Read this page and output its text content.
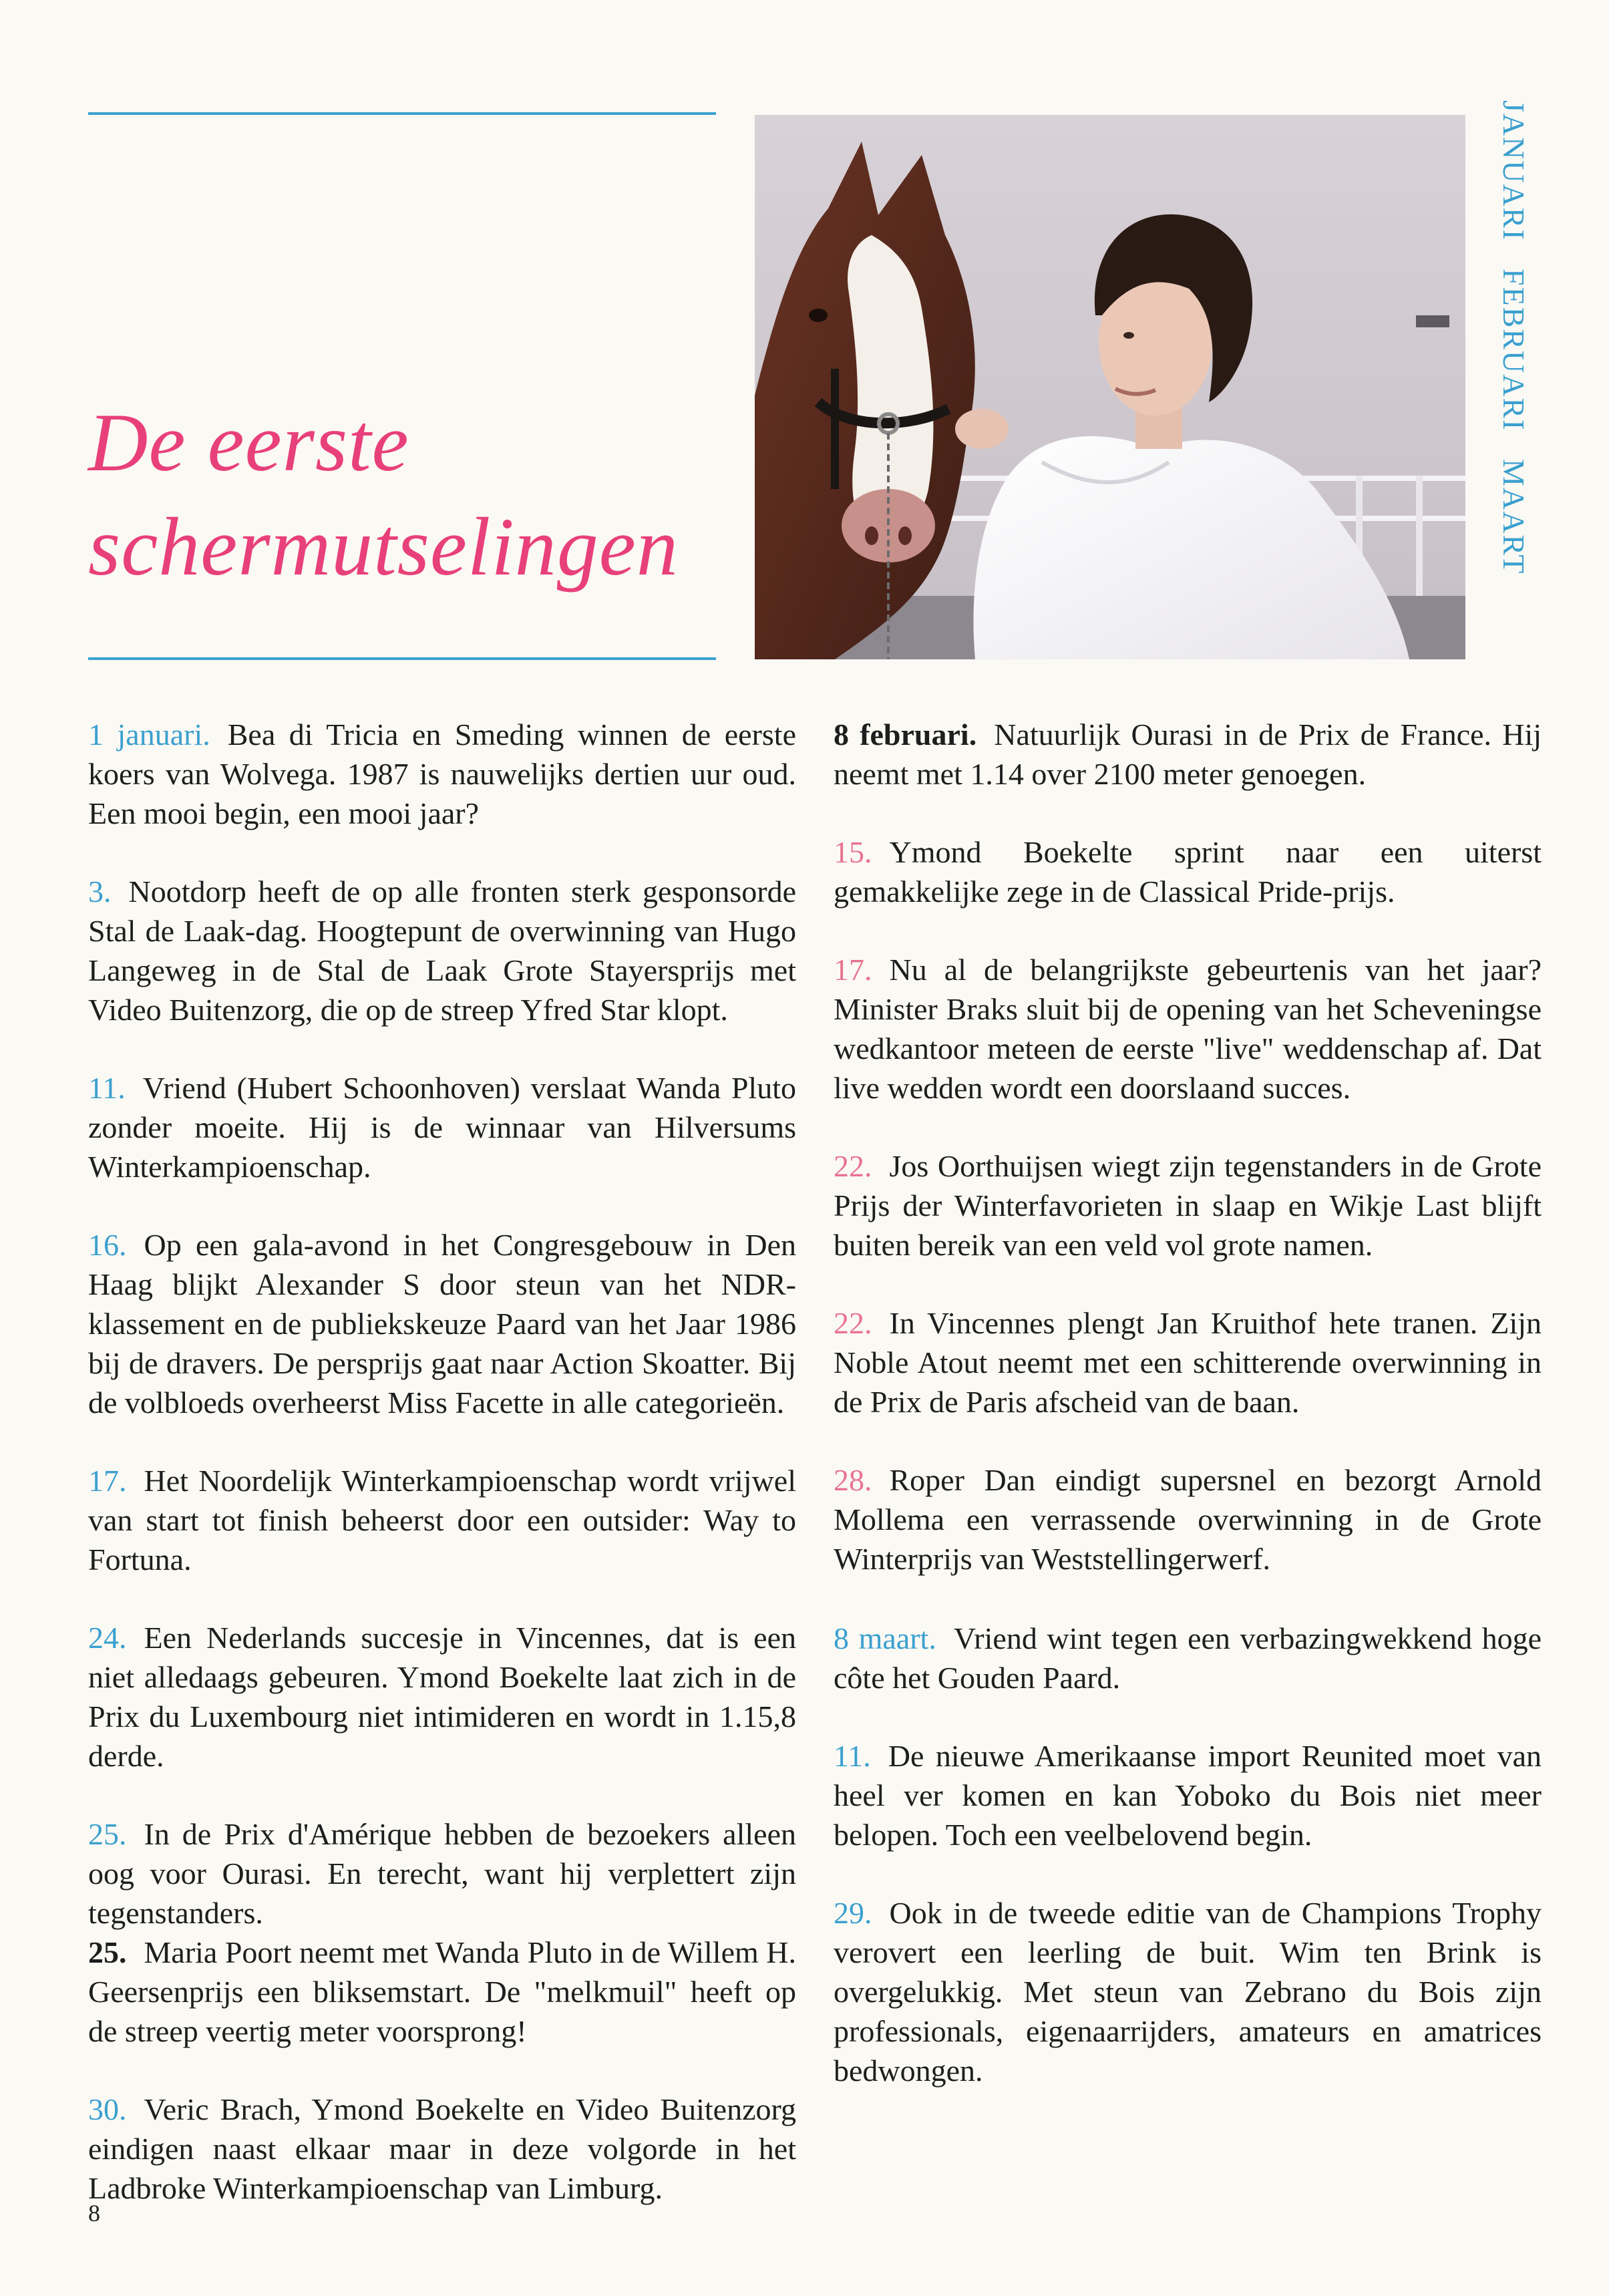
De eerste
schermutselingen
JANUARI FEBRUARI MAART

1 januari. Bea di Tricia en Smeding winnen de eerste koers van Wolvega. 1987 is nauwelijks dertien uur oud. Een mooi begin, een mooi jaar?

3. Nootdorp heeft de op alle fronten sterk gesponsorde Stal de Laak-dag. Hoogtepunt de overwinning van Hugo Langeweg in de Stal de Laak Grote Stayersprijs met Video Buitenzorg, die op de streep Yfred Star klopt.

11. Vriend (Hubert Schoonhoven) verslaat Wanda Pluto zonder moeite. Hij is de winnaar van Hilversums Winterkampioenschap.

16. Op een gala-avond in het Congresgebouw in Den Haag blijkt Alexander S door steun van het NDR-klassement en de publiekskeuze Paard van het Jaar 1986 bij de dravers. De persprijs gaat naar Action Skoatter. Bij de volbloeds overheerst Miss Facette in alle categorieën.

17. Het Noordelijk Winterkampioenschap wordt vrijwel van start tot finish beheerst door een outsider: Way to Fortuna.

24. Een Nederlands succesje in Vincennes, dat is een niet alledaags gebeuren. Ymond Boekelte laat zich in de Prix du Luxembourg niet intimideren en wordt in 1.15,8 derde.

25. In de Prix d'Amérique hebben de bezoekers alleen oog voor Ourasi. En terecht, want hij verplettert zijn tegenstanders.

25. Maria Poort neemt met Wanda Pluto in de Willem H. Geersenprijs een bliksemstart. De "melkmuil" heeft op de streep veertig meter voorsprong!

30. Veric Brach, Ymond Boekelte en Video Buitenzorg eindigen naast elkaar maar in deze volgorde in het Ladbroke Winterkampioenschap van Limburg.

8 februari. Natuurlijk Ourasi in de Prix de France. Hij neemt met 1.14 over 2100 meter genoegen.

15. Ymond Boekelte sprint naar een uiterst gemakkelijke zege in de Classical Pride-prijs.

17. Nu al de belangrijkste gebeurtenis van het jaar? Minister Braks sluit bij de opening van het Scheveningse wedkantoor meteen de eerste "live" weddenschap af. Dat live wedden wordt een doorslaand succes.

22. Jos Oorthuijsen wiegt zijn tegenstanders in de Grote Prijs der Winterfavorieten in slaap en Wikje Last blijft buiten bereik van een veld vol grote namen.

22. In Vincennes plengt Jan Kruithof hete tranen. Zijn Noble Atout neemt met een schitterende overwinning in de Prix de Paris afscheid van de baan.

28. Roper Dan eindigt supersnel en bezorgt Arnold Mollema een verrassende overwinning in de Grote Winterprijs van Weststellingerwerf.

8 maart. Vriend wint tegen een verbazingwekkend hoge côte het Gouden Paard.

11. De nieuwe Amerikaanse import Reunited moet van heel ver komen en kan Yoboko du Bois niet meer belopen. Toch een veelbelovend begin.

29. Ook in de tweede editie van de Champions Trophy verovert een leerling de buit. Wim ten Brink is overgelukkig. Met steun van Zebrano du Bois zijn professionals, eigenaarrijders, amateurs en amatrices bedwongen.

8
